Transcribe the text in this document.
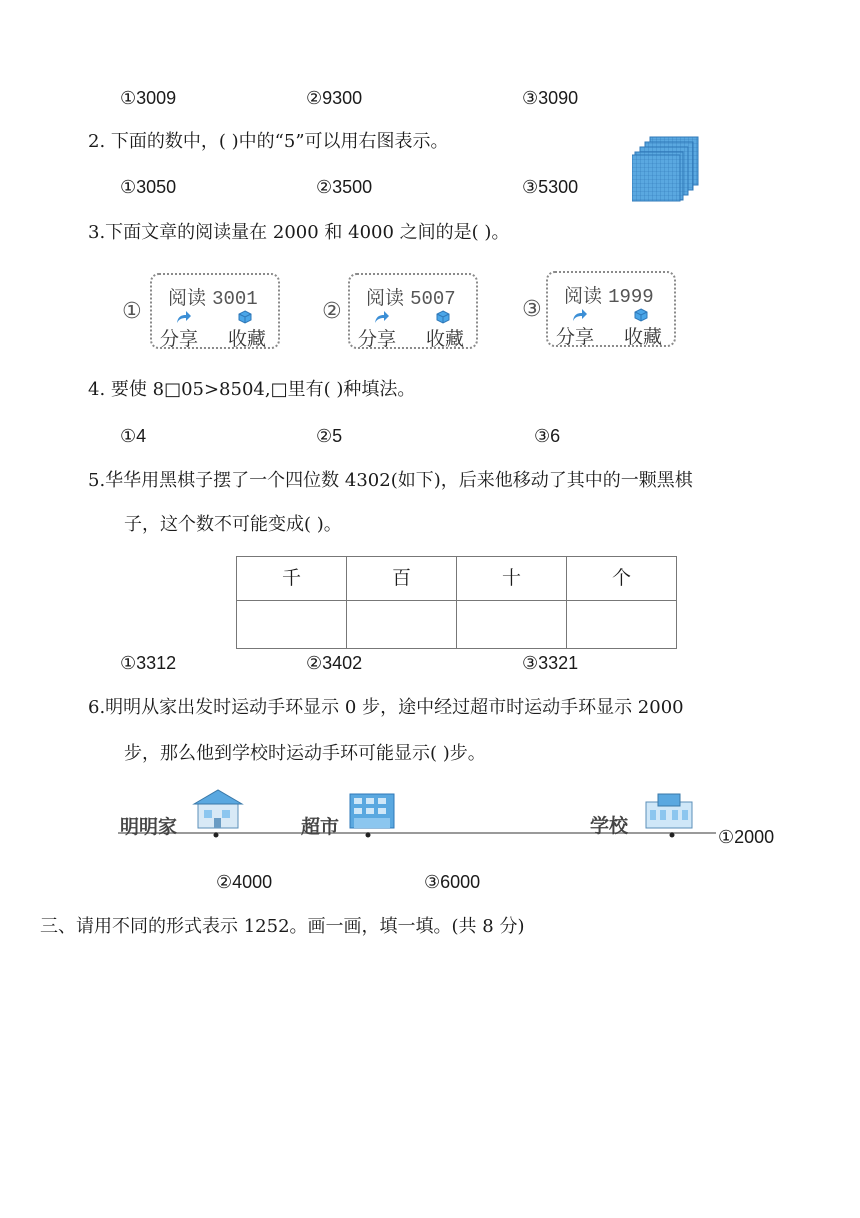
①3009	②9300	③3090
2. 下面的数中，( )中的“5”可以用右图表示。
①3050	②3500	③5300
3.下面文章的阅读量在 2000 和 4000 之间的是( )。
①
阅读 3001
分享 收藏
②
阅读 5007
分享 收藏
③
阅读 1999
分享 收藏
4. 要使 8□05>8504,□里有( )种填法。
①4	②5	③6
5.华华用黑棋子摆了一个四位数 4302(如下)，后来他移动了其中的一颗黑棋
子，这个数不可能变成( )。
千	百	十	个

①3312	②3402	③3321
6.明明从家出发时运动手环显示 0 步，途中经过超市时运动手环显示 2000
步，那么他到学校时运动手环可能显示( )步。
明明家	超市	学校	①2000
②4000	③6000
三、请用不同的形式表示 1252。画一画，填一填。(共 8 分)
